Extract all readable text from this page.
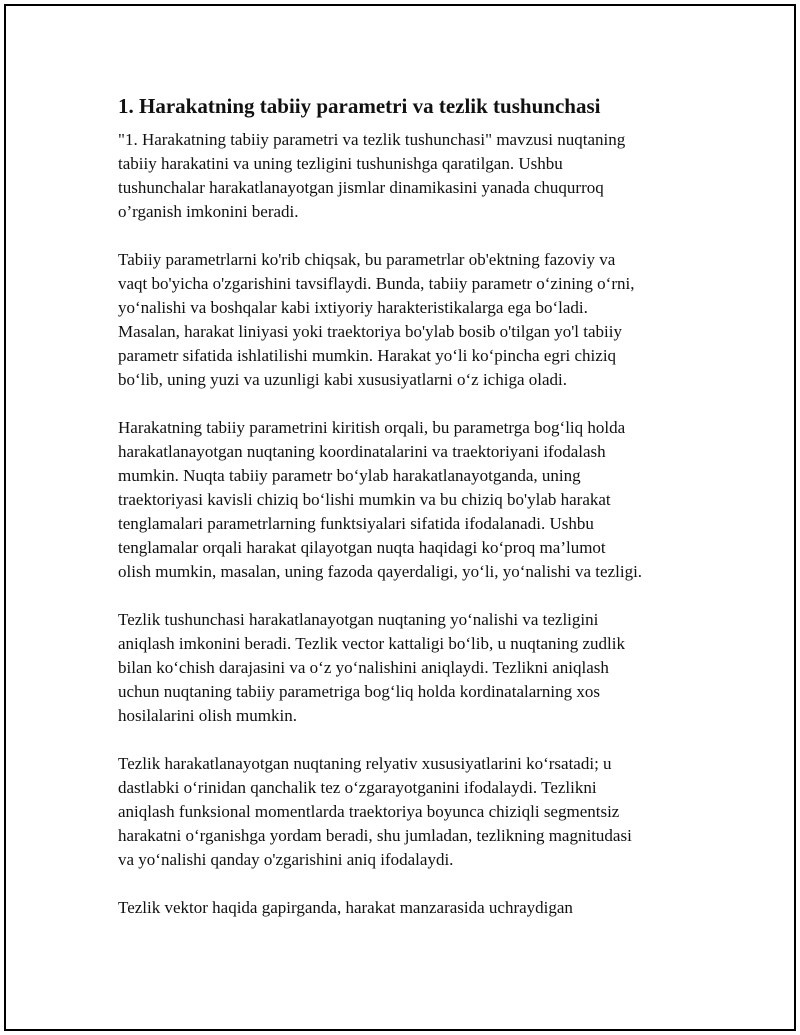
1. Harakatning tabiiy parametri va tezlik tushunchasi

"1. Harakatning tabiiy parametri va tezlik tushunchasi" mavzusi nuqtaning
tabiiy harakatini va uning tezligini tushunishga qaratilgan. Ushbu
tushunchalar harakatlanayotgan jismlar dinamikasini yanada chuqurroq
o’rganish imkonini beradi.

Tabiiy parametrlarni ko'rib chiqsak, bu parametrlar ob'ektning fazoviy va
vaqt bo'yicha o'zgarishini tavsiflaydi. Bunda, tabiiy parametr o‘zining o‘rni,
yo‘nalishi va boshqalar kabi ixtiyoriy harakteristikalarga ega bo‘ladi.
Masalan, harakat liniyasi yoki traektoriya bo'ylab bosib o'tilgan yo'l tabiiy
parametr sifatida ishlatilishi mumkin. Harakat yo‘li ko‘pincha egri chiziq
bo‘lib, uning yuzi va uzunligi kabi xususiyatlarni o‘z ichiga oladi.

Harakatning tabiiy parametrini kiritish orqali, bu parametrga bog‘liq holda
harakatlanayotgan nuqtaning koordinatalarini va traektoriyani ifodalash
mumkin. Nuqta tabiiy parametr bo‘ylab harakatlanayotganda, uning
traektoriyasi kavisli chiziq bo‘lishi mumkin va bu chiziq bo'ylab harakat
tenglamalari parametrlarning funktsiyalari sifatida ifodalanadi. Ushbu
tenglamalar orqali harakat qilayotgan nuqta haqidagi ko‘proq ma’lumot
olish mumkin, masalan, uning fazoda qayerdaligi, yo‘li, yo‘nalishi va tezligi.

Tezlik tushunchasi harakatlanayotgan nuqtaning yo‘nalishi va tezligini
aniqlash imkonini beradi. Tezlik vector kattaligi bo‘lib, u nuqtaning zudlik
bilan ko‘chish darajasini va o‘z yo‘nalishini aniqlaydi. Tezlikni aniqlash
uchun nuqtaning tabiiy parametriga bog‘liq holda kordinatalarning xos
hosilalarini olish mumkin.

Tezlik harakatlanayotgan nuqtaning relyativ xususiyatlarini ko‘rsatadi; u
dastlabki o‘rinidan qanchalik tez o‘zgarayotganini ifodalaydi. Tezlikni
aniqlash funksional momentlarda traektoriya boyunca chiziqli segmentsiz
harakatni o‘rganishga yordam beradi, shu jumladan, tezlikning magnitudasi
va yo‘nalishi qanday o'zgarishini aniq ifodalaydi.

Tezlik vektor haqida gapirganda, harakat manzarasida uchraydigan
